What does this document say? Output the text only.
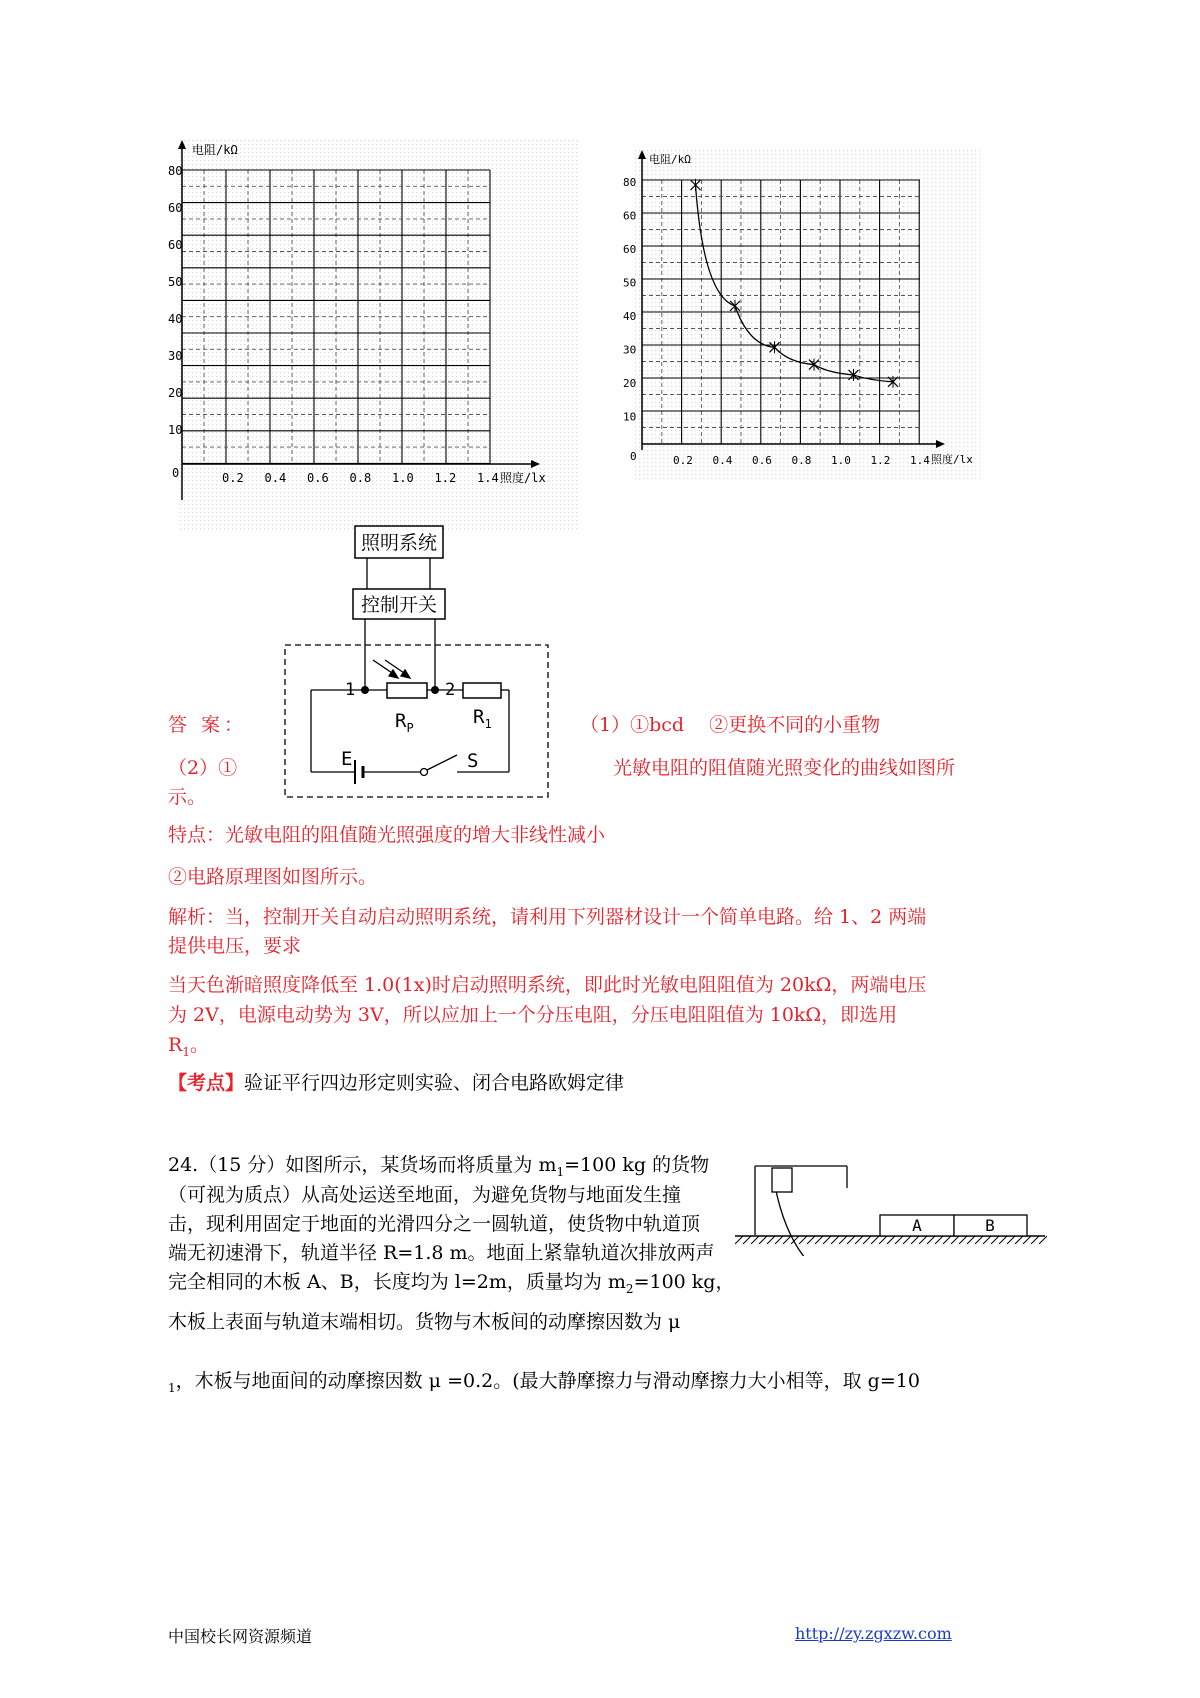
电阻/kΩ
照度/lx
0
80
60
60
50
40
30
20
10
0.2 0.4 0.6 0.8 1.0 1.2 1.4
电阻/kΩ
照度/lx
0
80
60
60
50
40
30
20
10
0.2 0.4 0.6 0.8 1.0 1.2 1.4
照明系统
控制开关
1	2
$R_P$	$R_1$
E	S
答 案：	（1）①bcd　 ②更换不同的小重物
（2）①	光敏电阻的阻值随光照变化的曲线如图所
示。
特点：光敏电阻的阻值随光照强度的增大非线性减小
②电路原理图如图所示。
解析：当，控制开关自动启动照明系统，请利用下列器材设计一个简单电路。给 1、2 两端
提供电压，要求
当天色渐暗照度降低至 1.0(1x)时启动照明系统，即此时光敏电阻阻值为 20kΩ，两端电压
为 2V，电源电动势为 3V，所以应加上一个分压电阻，分压电阻阻值为 10kΩ，即选用
$R_1$。
【考点】验证平行四边形定则实验、闭合电路欧姆定律
24.（15 分）如图所示，某货场而将质量为 $m_1=100$ kg 的货物
（可视为质点）从高处运送至地面，为避免货物与地面发生撞
击，现利用固定于地面的光滑四分之一圆轨道，使货物中轨道顶
端无初速滑下，轨道半径 R=1.8 m。地面上紧靠轨道次排放两声
完全相同的木板 A、B，长度均为 l=2m，质量均为 $m_2=100$ kg，
木板上表面与轨道末端相切。货物与木板间的动摩擦因数为 μ
$_1$，木板与地面间的动摩擦因数 μ =0.2。(最大静摩擦力与滑动摩擦力大小相等，取 g=10
A	B
中国校长网资源频道	http://zy.zgxzw.com
